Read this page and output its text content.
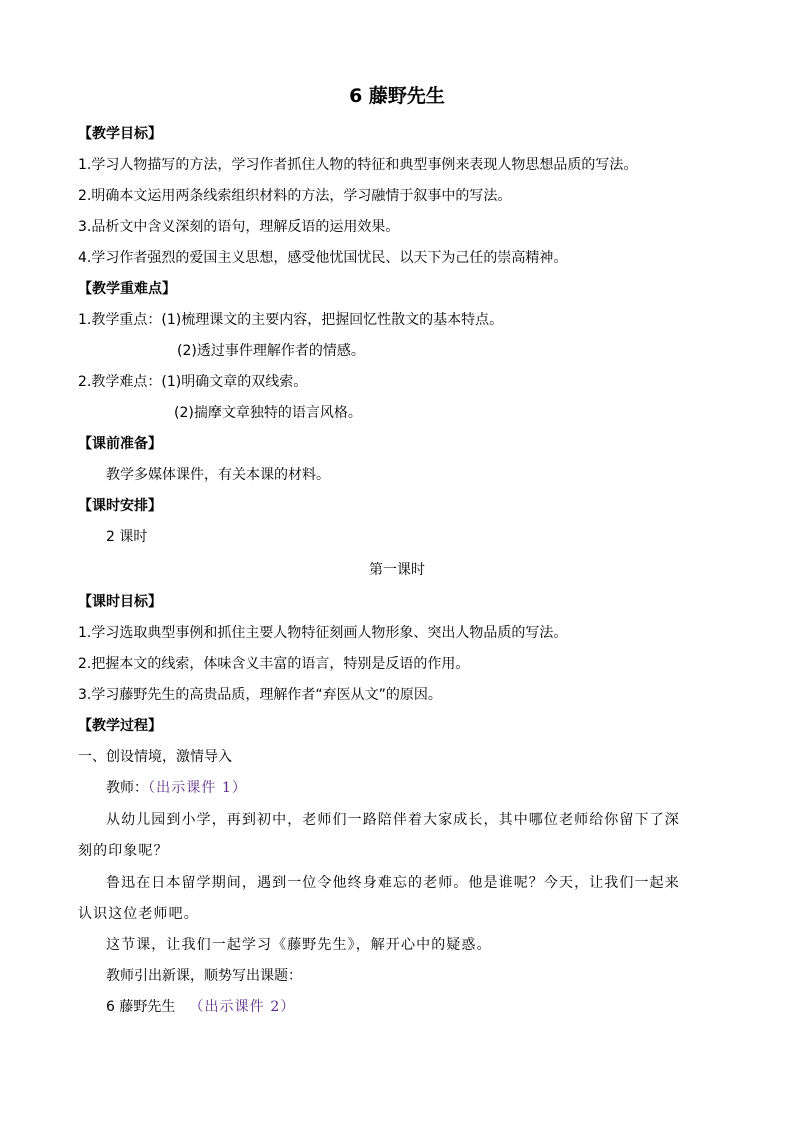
6 藤野先生
【教学目标】
1.学习人物描写的方法，学习作者抓住人物的特征和典型事例来表现人物思想品质的写法。
2.明确本文运用两条线索组织材料的方法，学习融情于叙事中的写法。
3.品析文中含义深刻的语句，理解反语的运用效果。
4.学习作者强烈的爱国主义思想，感受他忧国忧民、以天下为己任的崇高精神。
【教学重难点】
1.教学重点：(1)梳理课文的主要内容，把握回忆性散文的基本特点。
(2)透过事件理解作者的情感。
2.教学难点：(1)明确文章的双线索。
(2)揣摩文章独特的语言风格。
【课前准备】
教学多媒体课件，有关本课的材料。
【课时安排】
2 课时
第一课时
【课时目标】
1.学习选取典型事例和抓住主要人物特征刻画人物形象、突出人物品质的写法。
2.把握本文的线索，体味含义丰富的语言，特别是反语的作用。
3.学习藤野先生的高贵品质，理解作者“弃医从文”的原因。
【教学过程】
一、创设情境，激情导入
教师：（出示课件 1）
从幼儿园到小学，再到初中，老师们一路陪伴着大家成长，其中哪位老师给你留下了深
刻的印象呢？
鲁迅在日本留学期间，遇到一位令他终身难忘的老师。他是谁呢？今天，让我们一起来
认识这位老师吧。
这节课，让我们一起学习《藤野先生》，解开心中的疑惑。
教师引出新课，顺势写出课题：
6 藤野先生 （出示课件 2）
